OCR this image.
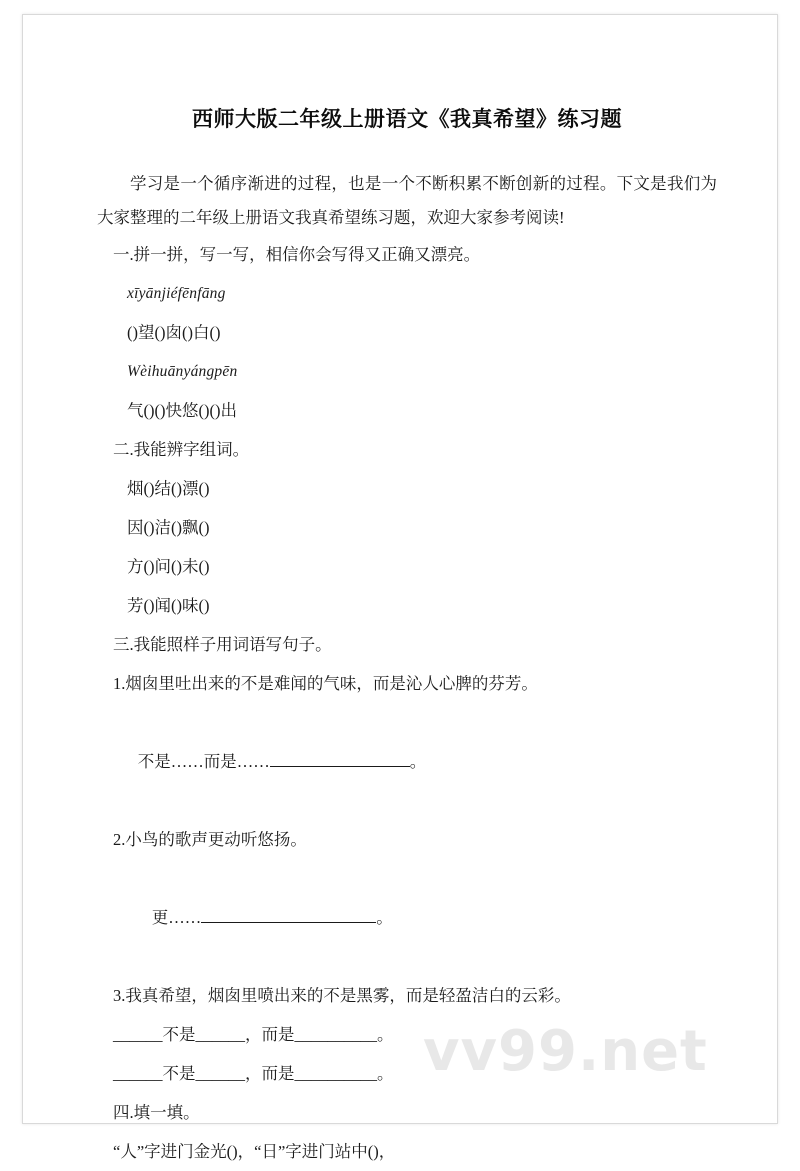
西师大版二年级上册语文《我真希望》练习题
学习是一个循序渐进的过程，也是一个不断积累不断创新的过程。下文是我们为大家整理的二年级上册语文我真希望练习题，欢迎大家参考阅读!
一.拼一拼，写一写，相信你会写得又正确又漂亮。
xīyānjiéfēnfāng
()望()囱()白()
Wèihuānyángpēn
气()()快悠()()出
二.我能辨字组词。
烟()结()漂()
因()洁()飘()
方()问()未()
芳()闻()味()
三.我能照样子用词语写句子。
1.烟囱里吐出来的不是难闻的气味，而是沁人心脾的芬芳。

不是……而是……	。

2.小鸟的歌声更动听悠扬。

更……	。

3.我真希望，烟囱里喷出来的不是黑雾，而是轻盈洁白的云彩。
______不是______，而是__________。
______不是______，而是__________。
四.填一填。
“人”字进门金光()，“日”字进门站中()，
vv99.net
